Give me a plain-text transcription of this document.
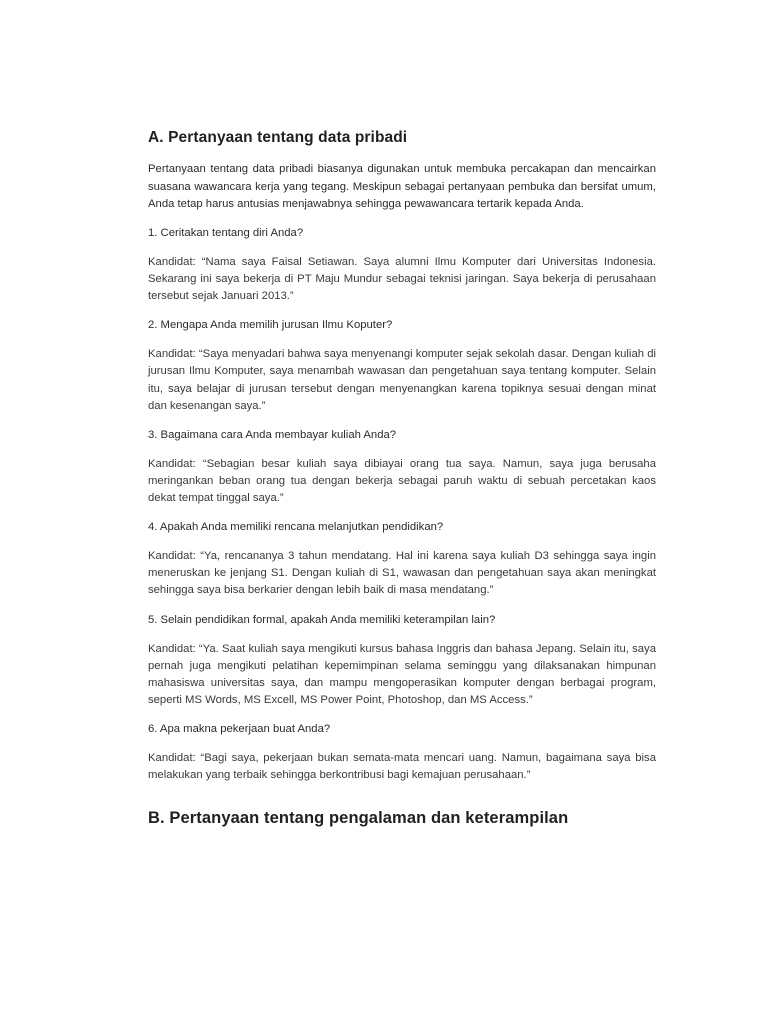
A. Pertanyaan tentang data pribadi

Pertanyaan tentang data pribadi biasanya digunakan untuk membuka percakapan dan mencairkan suasana wawancara kerja yang tegang. Meskipun sebagai pertanyaan pembuka dan bersifat umum, Anda tetap harus antusias menjawabnya sehingga pewawancara tertarik kepada Anda.

1. Ceritakan tentang diri Anda?

Kandidat: “Nama saya Faisal Setiawan. Saya alumni Ilmu Komputer dari Universitas Indonesia. Sekarang ini saya bekerja di PT Maju Mundur sebagai teknisi jaringan. Saya bekerja di perusahaan tersebut sejak Januari 2013.”

2. Mengapa Anda memilih jurusan Ilmu Koputer?

Kandidat: “Saya menyadari bahwa saya menyenangi komputer sejak sekolah dasar. Dengan kuliah di jurusan Ilmu Komputer, saya menambah wawasan dan pengetahuan saya tentang komputer. Selain itu, saya belajar di jurusan tersebut dengan menyenangkan karena topiknya sesuai dengan minat dan kesenangan saya.”

3. Bagaimana cara Anda membayar kuliah Anda?

Kandidat: “Sebagian besar kuliah saya dibiayai orang tua saya. Namun, saya juga berusaha meringankan beban orang tua dengan bekerja sebagai paruh waktu di sebuah percetakan kaos dekat tempat tinggal saya.”

4. Apakah Anda memiliki rencana melanjutkan pendidikan?

Kandidat: “Ya, rencananya 3 tahun mendatang. Hal ini karena saya kuliah D3 sehingga saya ingin meneruskan ke jenjang S1. Dengan kuliah di S1, wawasan dan pengetahuan saya akan meningkat sehingga saya bisa berkarier dengan lebih baik di masa mendatang.”

5. Selain pendidikan formal, apakah Anda memiliki keterampilan lain?

Kandidat: “Ya. Saat kuliah saya mengikuti kursus bahasa Inggris dan bahasa Jepang. Selain itu, saya pernah juga mengikuti pelatihan kepemimpinan selama seminggu yang dilaksanakan himpunan mahasiswa universitas saya, dan mampu mengoperasikan komputer dengan berbagai program, seperti MS Words, MS Excell, MS Power Point, Photoshop, dan MS Access.”

6. Apa makna pekerjaan buat Anda?

Kandidat: “Bagi saya, pekerjaan bukan semata-mata mencari uang. Namun, bagaimana saya bisa melakukan yang terbaik sehingga berkontribusi bagi kemajuan perusahaan.”

B. Pertanyaan tentang pengalaman dan keterampilan
